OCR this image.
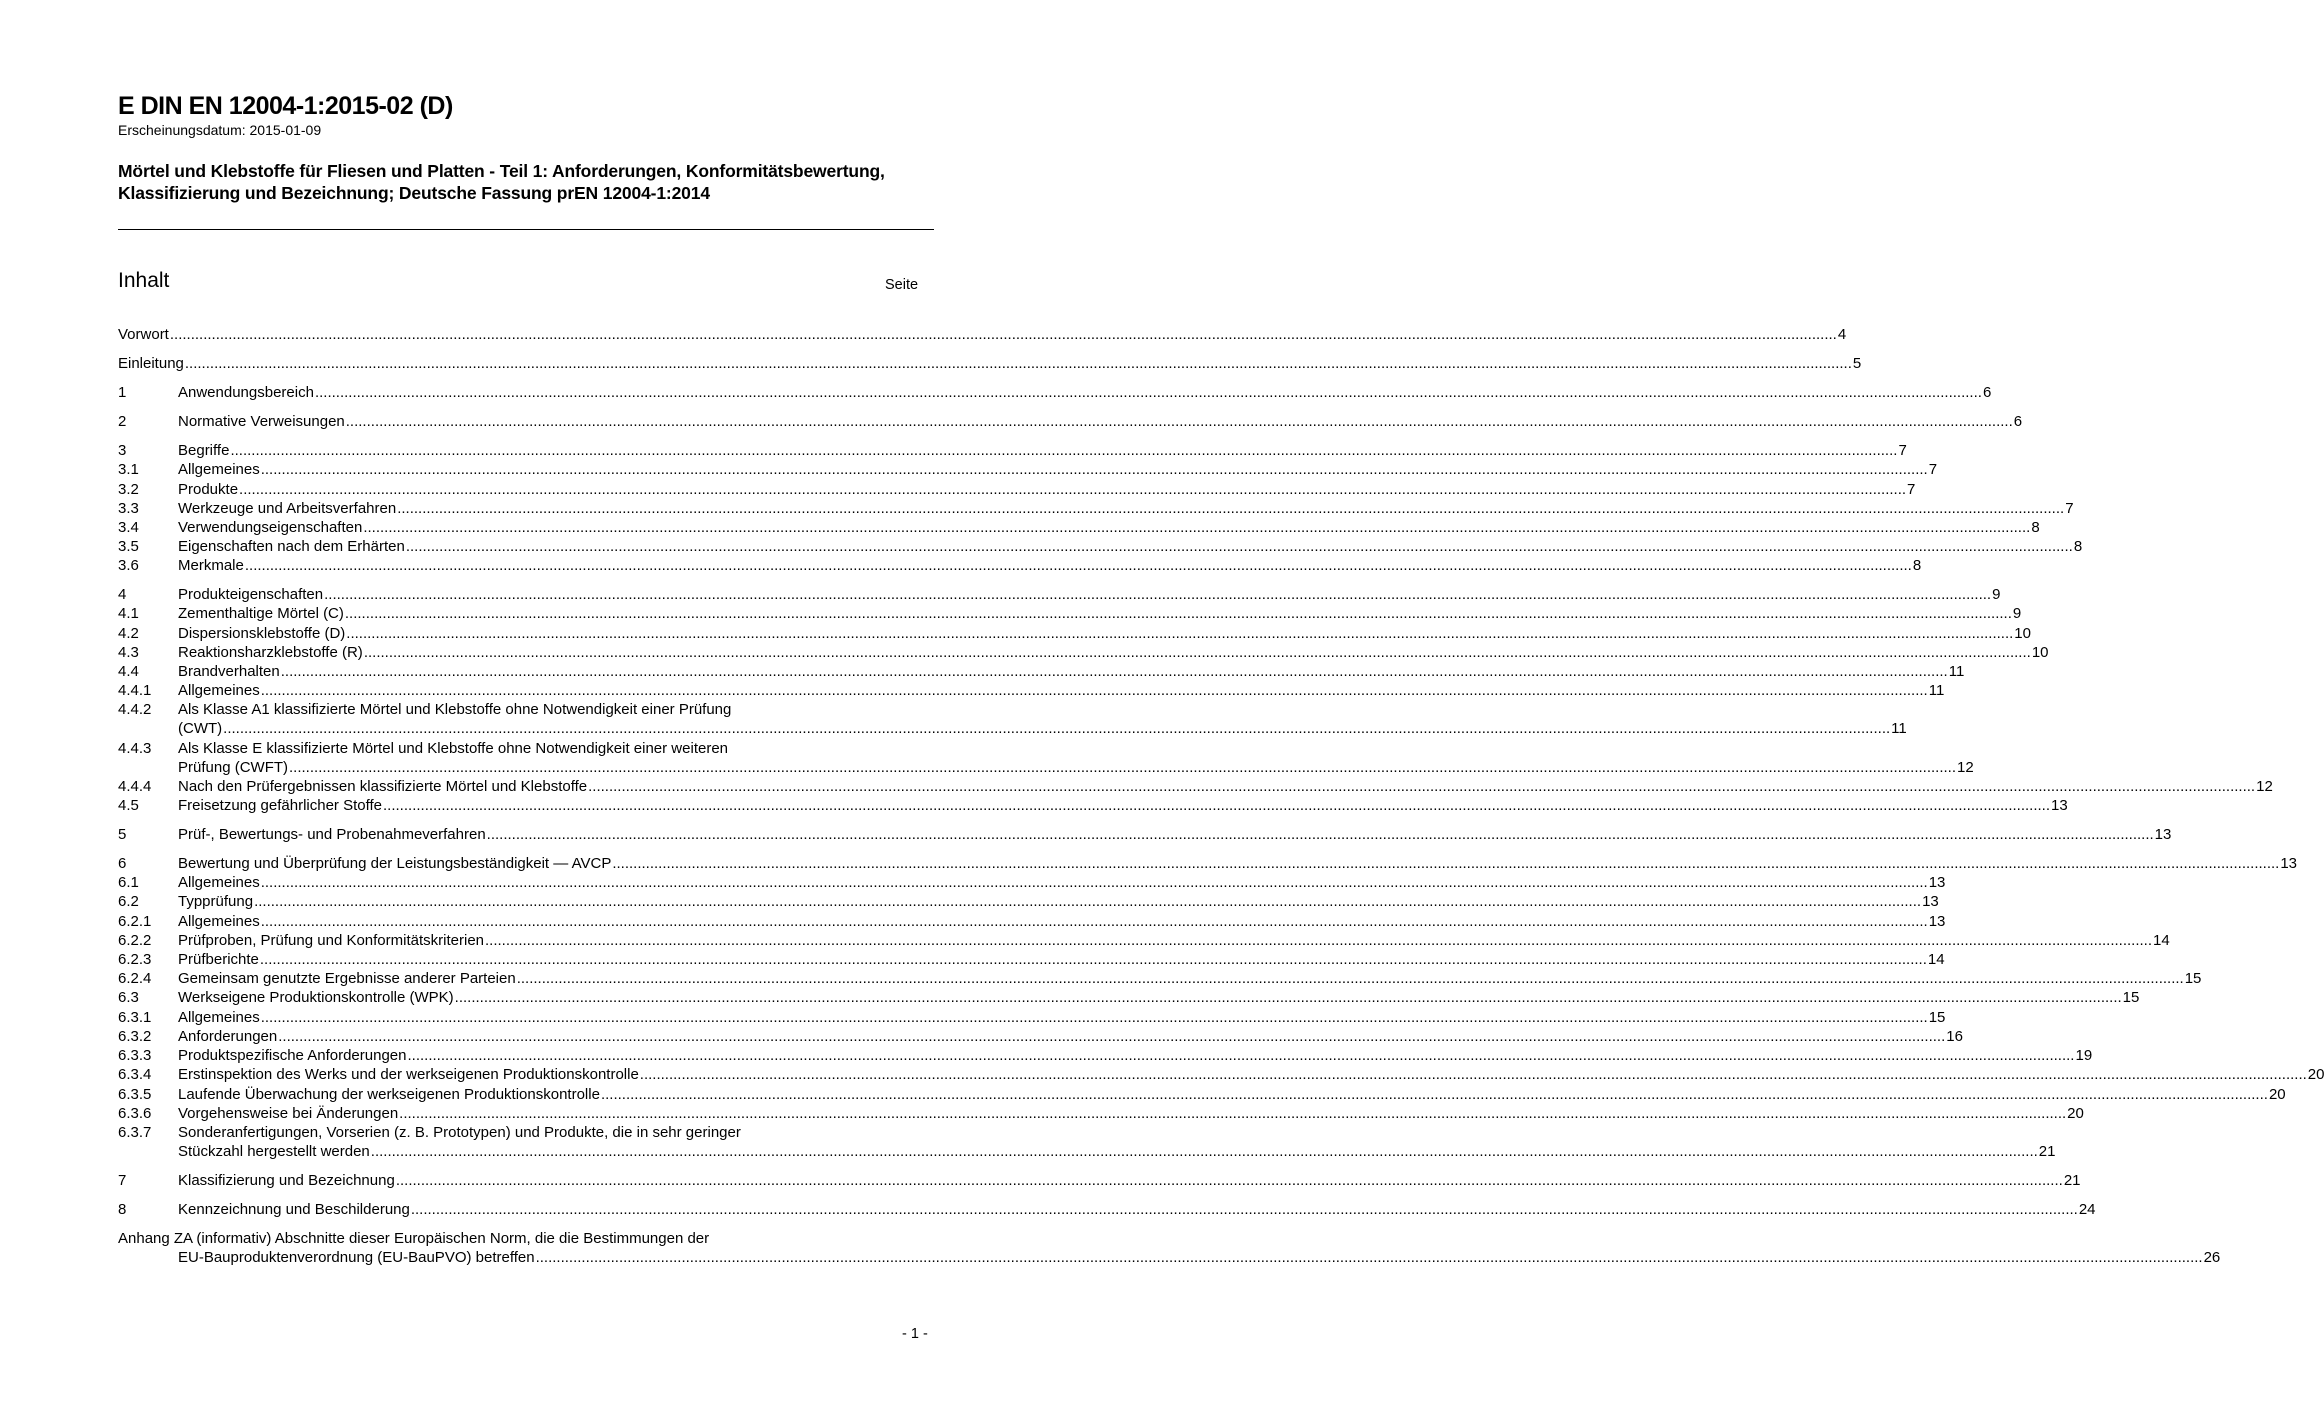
E DIN EN 12004-1:2015-02 (D)
Erscheinungsdatum: 2015-01-09
Mörtel und Klebstoffe für Fliesen und Platten - Teil 1: Anforderungen, Konformitätsbewertung, Klassifizierung und Bezeichnung; Deutsche Fassung prEN 12004-1:2014
Inhalt	Seite
Vorwort ................................................................................................................................................................................................................................................................................................................................................................................................................ 4
Einleitung ................................................................................................................................................................................................................................................................................................................................................................................................................ 5
1	Anwendungsbereich ................................................................................................................................................................................................................................................................................................................................................................................................................ 6
2	Normative Verweisungen ................................................................................................................................................................................................................................................................................................................................................................................................................ 6
3	Begriffe ................................................................................................................................................................................................................................................................................................................................................................................................................ 7
3.1	Allgemeines ................................................................................................................................................................................................................................................................................................................................................................................................................ 7
3.2	Produkte ................................................................................................................................................................................................................................................................................................................................................................................................................ 7
3.3	Werkzeuge und Arbeitsverfahren ................................................................................................................................................................................................................................................................................................................................................................................................................ 7
3.4	Verwendungseigenschaften ................................................................................................................................................................................................................................................................................................................................................................................................................ 8
3.5	Eigenschaften nach dem Erhärten ................................................................................................................................................................................................................................................................................................................................................................................................................ 8
3.6	Merkmale ................................................................................................................................................................................................................................................................................................................................................................................................................ 8
4	Produkteigenschaften ................................................................................................................................................................................................................................................................................................................................................................................................................ 9
4.1	Zementhaltige Mörtel (C) ................................................................................................................................................................................................................................................................................................................................................................................................................ 9
4.2	Dispersionsklebstoffe (D) ................................................................................................................................................................................................................................................................................................................................................................................................................ 10
4.3	Reaktionsharzklebstoffe (R) ................................................................................................................................................................................................................................................................................................................................................................................................................ 10
4.4	Brandverhalten ................................................................................................................................................................................................................................................................................................................................................................................................................ 11
4.4.1	Allgemeines ................................................................................................................................................................................................................................................................................................................................................................................................................ 11
4.4.2	Als Klasse A1 klassifizierte Mörtel und Klebstoffe ohne Notwendigkeit einer Prüfung
(CWT) ................................................................................................................................................................................................................................................................................................................................................................................................................ 11
4.4.3	Als Klasse E klassifizierte Mörtel und Klebstoffe ohne Notwendigkeit einer weiteren
Prüfung (CWFT) ................................................................................................................................................................................................................................................................................................................................................................................................................ 12
4.4.4	Nach den Prüfergebnissen klassifizierte Mörtel und Klebstoffe ................................................................................................................................................................................................................................................................................................................................................................................................................ 12
4.5	Freisetzung gefährlicher Stoffe ................................................................................................................................................................................................................................................................................................................................................................................................................ 13
5	Prüf-, Bewertungs- und Probenahmeverfahren ................................................................................................................................................................................................................................................................................................................................................................................................................ 13
6	Bewertung und Überprüfung der Leistungsbeständigkeit — AVCP ................................................................................................................................................................................................................................................................................................................................................................................................................ 13
6.1	Allgemeines ................................................................................................................................................................................................................................................................................................................................................................................................................ 13
6.2	Typprüfung ................................................................................................................................................................................................................................................................................................................................................................................................................ 13
6.2.1	Allgemeines ................................................................................................................................................................................................................................................................................................................................................................................................................ 13
6.2.2	Prüfproben, Prüfung und Konformitätskriterien ................................................................................................................................................................................................................................................................................................................................................................................................................ 14
6.2.3	Prüfberichte ................................................................................................................................................................................................................................................................................................................................................................................................................ 14
6.2.4	Gemeinsam genutzte Ergebnisse anderer Parteien ................................................................................................................................................................................................................................................................................................................................................................................................................ 15
6.3	Werkseigene Produktionskontrolle (WPK) ................................................................................................................................................................................................................................................................................................................................................................................................................ 15
6.3.1	Allgemeines ................................................................................................................................................................................................................................................................................................................................................................................................................ 15
6.3.2	Anforderungen ................................................................................................................................................................................................................................................................................................................................................................................................................ 16
6.3.3	Produktspezifische Anforderungen ................................................................................................................................................................................................................................................................................................................................................................................................................ 19
6.3.4	Erstinspektion des Werks und der werkseigenen Produktionskontrolle ................................................................................................................................................................................................................................................................................................................................................................................................................ 20
6.3.5	Laufende Überwachung der werkseigenen Produktionskontrolle ................................................................................................................................................................................................................................................................................................................................................................................................................ 20
6.3.6	Vorgehensweise bei Änderungen ................................................................................................................................................................................................................................................................................................................................................................................................................ 20
6.3.7	Sonderanfertigungen, Vorserien (z. B. Prototypen) und Produkte, die in sehr geringer
Stückzahl hergestellt werden ................................................................................................................................................................................................................................................................................................................................................................................................................ 21
7	Klassifizierung und Bezeichnung ................................................................................................................................................................................................................................................................................................................................................................................................................ 21
8	Kennzeichnung und Beschilderung ................................................................................................................................................................................................................................................................................................................................................................................................................ 24
Anhang ZA (informativ) Abschnitte dieser Europäischen Norm, die die Bestimmungen der
EU-Bauproduktenverordnung (EU-BauPVO) betreffen ................................................................................................................................................................................................................................................................................................................................................................................................................ 26
- 1 -
